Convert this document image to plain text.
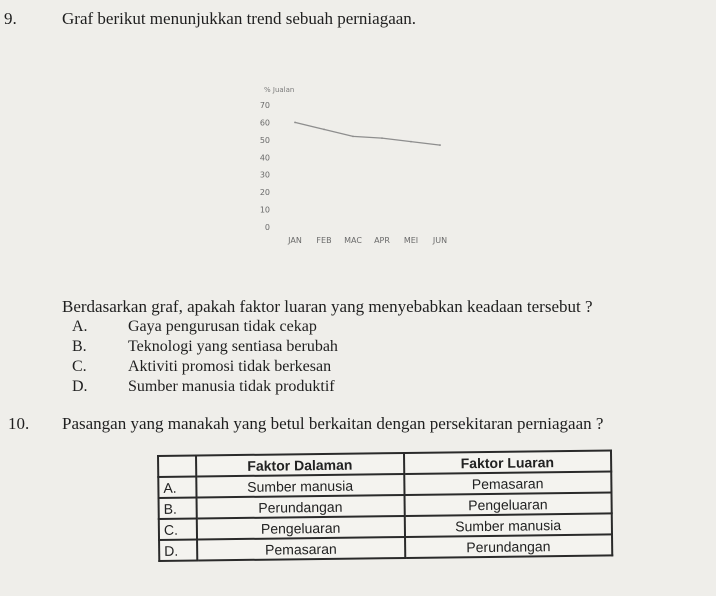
9.	Graf berikut menunjukkan trend sebuah perniagaan.
% Jualan
70
60
50
40
30
20
10
0
JAN FEB MAC APR MEI JUN
Berdasarkan graf, apakah faktor luaran yang menyebabkan keadaan tersebut ?
A.	Gaya pengurusan tidak cekap
B.	Teknologi yang sentiasa berubah
C.	Aktiviti promosi tidak berkesan
D.	Sumber manusia tidak produktif
10. Pasangan yang manakah yang betul berkaitan dengan persekitaran perniagaan ?
	Faktor Dalaman	Faktor Luaran
A.	Sumber manusia	Pemasaran
B.	Perundangan	Pengeluaran
C.	Pengeluaran	Sumber manusia
D.	Pemasaran	Perundangan
